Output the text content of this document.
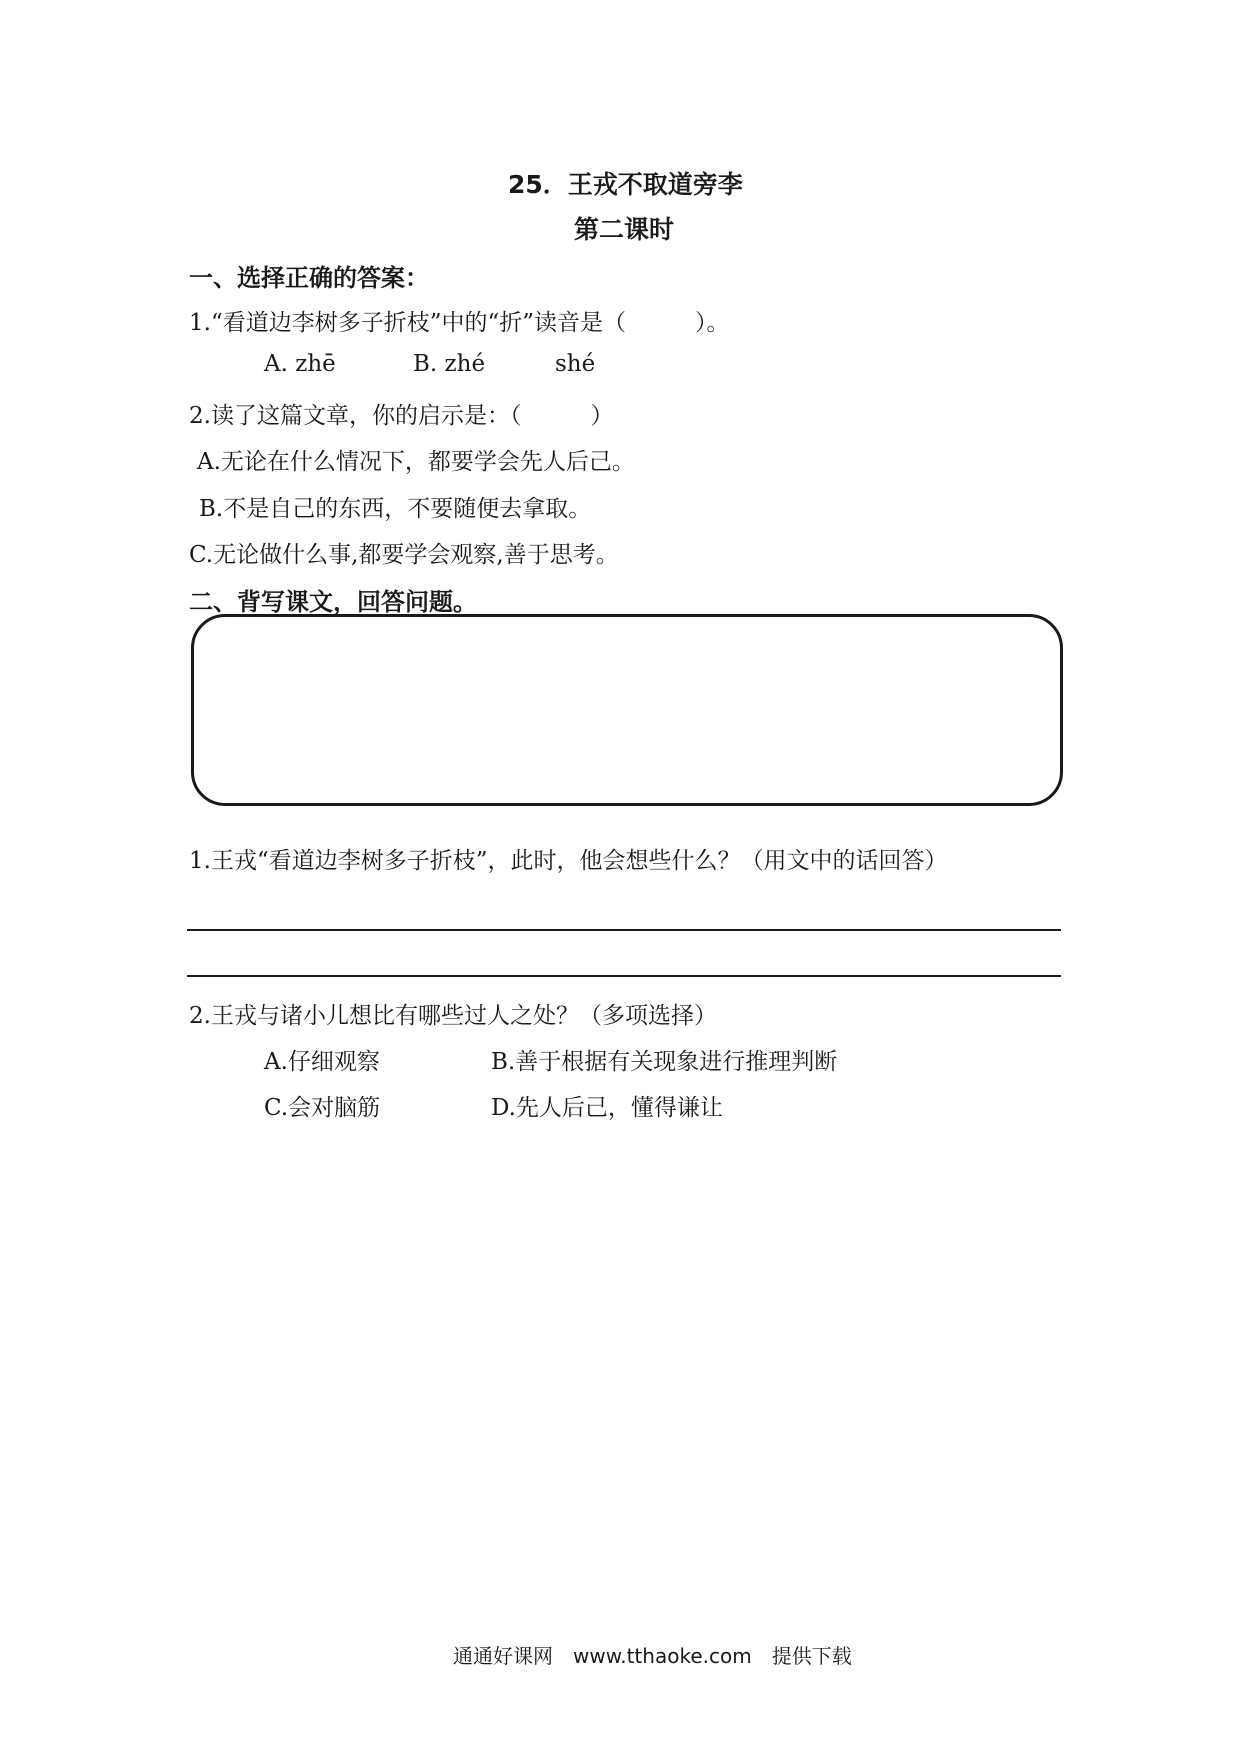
25．王戎不取道旁李
第二课时
一、选择正确的答案：
1.“看道边李树多子折枝”中的“折”读音是（　　　）。
A. zhē	B. zhé	shé
2.读了这篇文章，你的启示是：（　　　）
A.无论在什么情况下，都要学会先人后己。
B.不是自己的东西，不要随便去拿取。
C.无论做什么事,都要学会观察,善于思考。
二、背写课文，回答问题。
1.王戎“看道边李树多子折枝”，此时，他会想些什么？（用文中的话回答）
2.王戎与诸小儿想比有哪些过人之处？（多项选择）
A.仔细观察	B.善于根据有关现象进行推理判断
C.会对脑筋	D.先人后己，懂得谦让
通通好课网　www.tthaoke.com　提供下载
